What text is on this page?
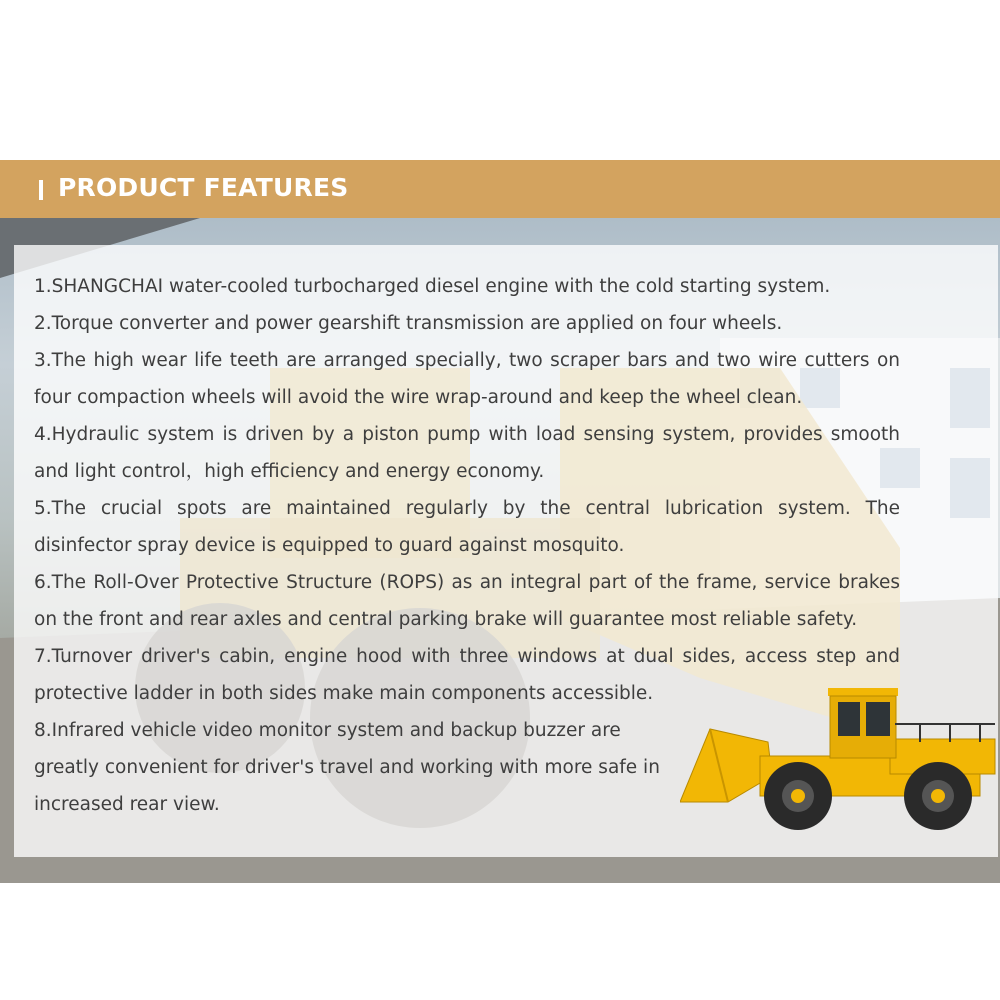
PRODUCT FEATURES

1.SHANGCHAI water-cooled turbocharged diesel engine with the cold starting system.

2.Torque converter and power gearshift transmission are applied on four wheels.

3.The high wear life teeth are arranged specially, two scraper bars and two wire cutters on four compaction wheels will avoid the wire wrap-around and keep the wheel clean.

4.Hydraulic system is driven by a piston pump with load sensing system, provides smooth and light control，high efficiency and energy economy.

5.The crucial spots are maintained regularly by the central lubrication system. The disinfector spray device is equipped to guard against mosquito.

6.The Roll-Over Protective Structure (ROPS) as an integral part of the frame, service brakes on the front and rear axles and central parking brake will guarantee most reliable safety.

7.Turnover driver's cabin, engine hood with three windows at dual sides, access step and protective ladder in both sides make main components accessible.

8.Infrared vehicle video monitor system and backup buzzer are greatly convenient for driver's travel and working with more safe in increased rear view.
